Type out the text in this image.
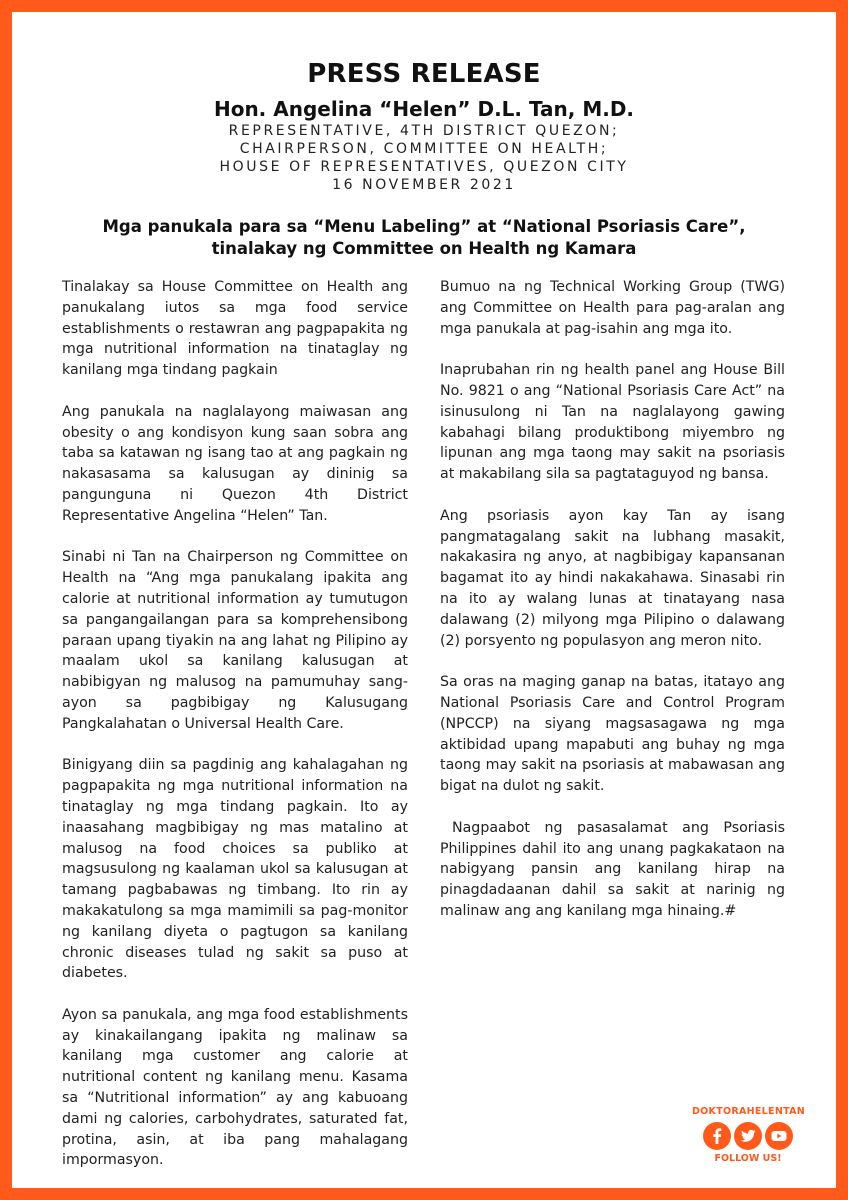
PRESS RELEASE
Hon. Angelina “Helen” D.L. Tan, M.D.
REPRESENTATIVE, 4TH DISTRICT QUEZON;
CHAIRPERSON, COMMITTEE ON HEALTH;
HOUSE OF REPRESENTATIVES, QUEZON CITY
16 NOVEMBER 2021
Mga panukala para sa “Menu Labeling” at “National Psoriasis Care”,
tinalakay ng Committee on Health ng Kamara

Tinalakay sa House Committee on Health ang panukalang iutos sa mga food service establishments o restawran ang pagpapakita ng mga nutritional information na tinataglay ng kanilang mga tindang pagkain

Ang panukala na naglalayong maiwasan ang obesity o ang kondisyon kung saan sobra ang taba sa katawan ng isang tao at ang pagkain ng nakasasama sa kalusugan ay dininig sa pangunguna ni Quezon 4th District Representative Angelina “Helen” Tan.

Sinabi ni Tan na Chairperson ng Committee on Health na “Ang mga panukalang ipakita ang calorie at nutritional information ay tumutugon sa pangangailangan para sa komprehensibong paraan upang tiyakin na ang lahat ng Pilipino ay maalam ukol sa kanilang kalusugan at nabibigyan ng malusog na pamumuhay sang-ayon sa pagbibigay ng Kalusugang Pangkalahatan o Universal Health Care.

Binigyang diin sa pagdinig ang kahalagahan ng pagpapakita ng mga nutritional information na tinataglay ng mga tindang pagkain. Ito ay inaasahang magbibigay ng mas matalino at malusog na food choices sa publiko at magsusulong ng kaalaman ukol sa kalusugan at tamang pagbabawas ng timbang. Ito rin ay makakatulong sa mga mamimili sa pag-monitor ng kanilang diyeta o pagtugon sa kanilang chronic diseases tulad ng sakit sa puso at diabetes.

Ayon sa panukala, ang mga food establishments ay kinakailangang ipakita ng malinaw sa kanilang mga customer ang calorie at nutritional content ng kanilang menu. Kasama sa “Nutritional information” ay ang kabuoang dami ng calories, carbohydrates, saturated fat, protina, asin, at iba pang mahalagang impormasyon.

Bumuo na ng Technical Working Group (TWG) ang Committee on Health para pag-aralan ang mga panukala at pag-isahin ang mga ito.

Inaprubahan rin ng health panel ang House Bill No. 9821 o ang “National Psoriasis Care Act” na isinusulong ni Tan na naglalayong gawing kabahagi bilang produktibong miyembro ng lipunan ang mga taong may sakit na psoriasis at makabilang sila sa pagtataguyod ng bansa.

Ang psoriasis ayon kay Tan ay isang pangmatagalang sakit na lubhang masakit, nakakasira ng anyo, at nagbibigay kapansanan bagamat ito ay hindi nakakahawa. Sinasabi rin na ito ay walang lunas at tinatayang nasa dalawang (2) milyong mga Pilipino o dalawang (2) porsyento ng populasyon ang meron nito.

Sa oras na maging ganap na batas, itatayo ang National Psoriasis Care and Control Program (NPCCP) na siyang magsasagawa ng mga aktibidad upang mapabuti ang buhay ng mga taong may sakit na psoriasis at mabawasan ang bigat na dulot ng sakit.

Nagpaabot ng pasasalamat ang Psoriasis Philippines dahil ito ang unang pagkakataon na nabigyang pansin ang kanilang hirap na pinagdadaanan dahil sa sakit at narinig ng malinaw ang ang kanilang mga hinaing.#

DOKTORAHELENTAN
FOLLOW US!
